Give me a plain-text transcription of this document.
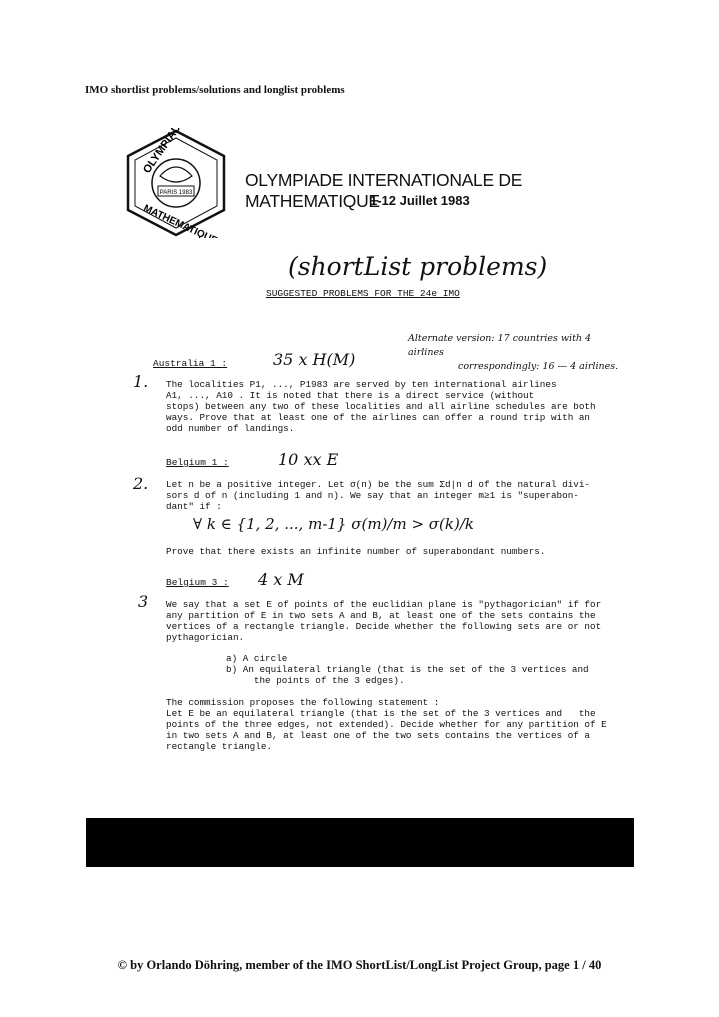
IMO shortlist problems/solutions and longlist problems
PARIS 1983
OLYMPIADE
MATHEMATIQUE
OLYMPIADE INTERNATIONALE DE MATHEMATIQUE
1-12 Juillet 1983
(shortList problems)
SUGGESTED PROBLEMS FOR THE 24e IMO
Alternate version: 17 countries with 4 airlines
correspondingly: 16 — 4 airlines.
Australia 1 :	35 x H(M)
1. The localities P1, ..., P1983 are served by ten international airlines
A1, ..., A10 . It is noted that there is a direct service (without
stops) between any two of these localities and all airline schedules are both
ways. Prove that at least one of the airlines can offer a round trip with an
odd number of landings.
Belgium 1 :	10 xx E
2. Let n be a positive integer. Let σ(n) be the sum Σd|n d of the natural divi-
sors d of n (including 1 and n). We say that an integer m≥1 is "superabon-
dant" if :
∀ k ∈ {1, 2, ..., m-1} σ(m)/m > σ(k)/k
Prove that there exists an infinite number of superabondant numbers.
Belgium 3 : 4 x M
3 We say that a set E of points of the euclidian plane is "pythagorician" if for
any partition of E in two sets A and B, at least one of the sets contains the
vertices of a rectangle triangle. Decide whether the following sets are or not
pythagorician.
a) A circle
b) An equilateral triangle (that is the set of the 3 vertices and
the points of the 3 edges).
The commission proposes the following statement :
Let E be an equilateral triangle (that is the set of the 3 vertices and   the
points of the three edges, not extended). Decide whether for any partition of E
in two sets A and B, at least one of the two sets contains the vertices of a
rectangle triangle.
© by Orlando Döhring, member of the IMO ShortList/LongList Project Group, page 1 / 40
